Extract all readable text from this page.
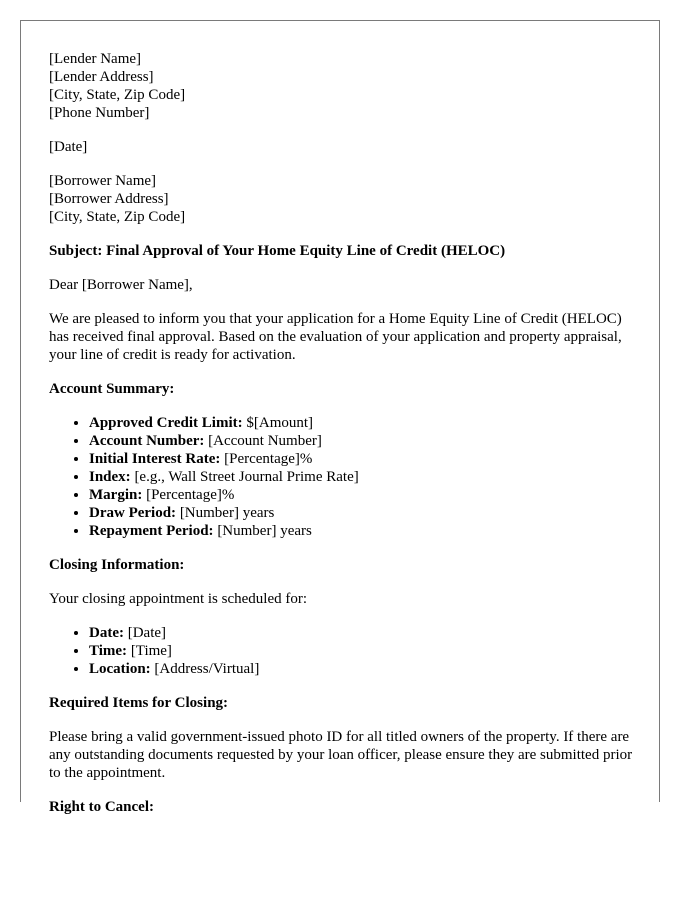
[Lender Name]
[Lender Address]
[City, State, Zip Code]
[Phone Number]

[Date]

[Borrower Name]
[Borrower Address]
[City, State, Zip Code]

Subject: Final Approval of Your Home Equity Line of Credit (HELOC)

Dear [Borrower Name],

We are pleased to inform you that your application for a Home Equity Line of Credit (HELOC) has received final approval. Based on the evaluation of your application and property appraisal, your line of credit is ready for activation.

Account Summary:

• Approved Credit Limit: $[Amount]
• Account Number: [Account Number]
• Initial Interest Rate: [Percentage]%
• Index: [e.g., Wall Street Journal Prime Rate]
• Margin: [Percentage]%
• Draw Period: [Number] years
• Repayment Period: [Number] years

Closing Information:

Your closing appointment is scheduled for:

• Date: [Date]
• Time: [Time]
• Location: [Address/Virtual]

Required Items for Closing:

Please bring a valid government-issued photo ID for all titled owners of the property. If there are any outstanding documents requested by your loan officer, please ensure they are submitted prior to the appointment.

Right to Cancel:
